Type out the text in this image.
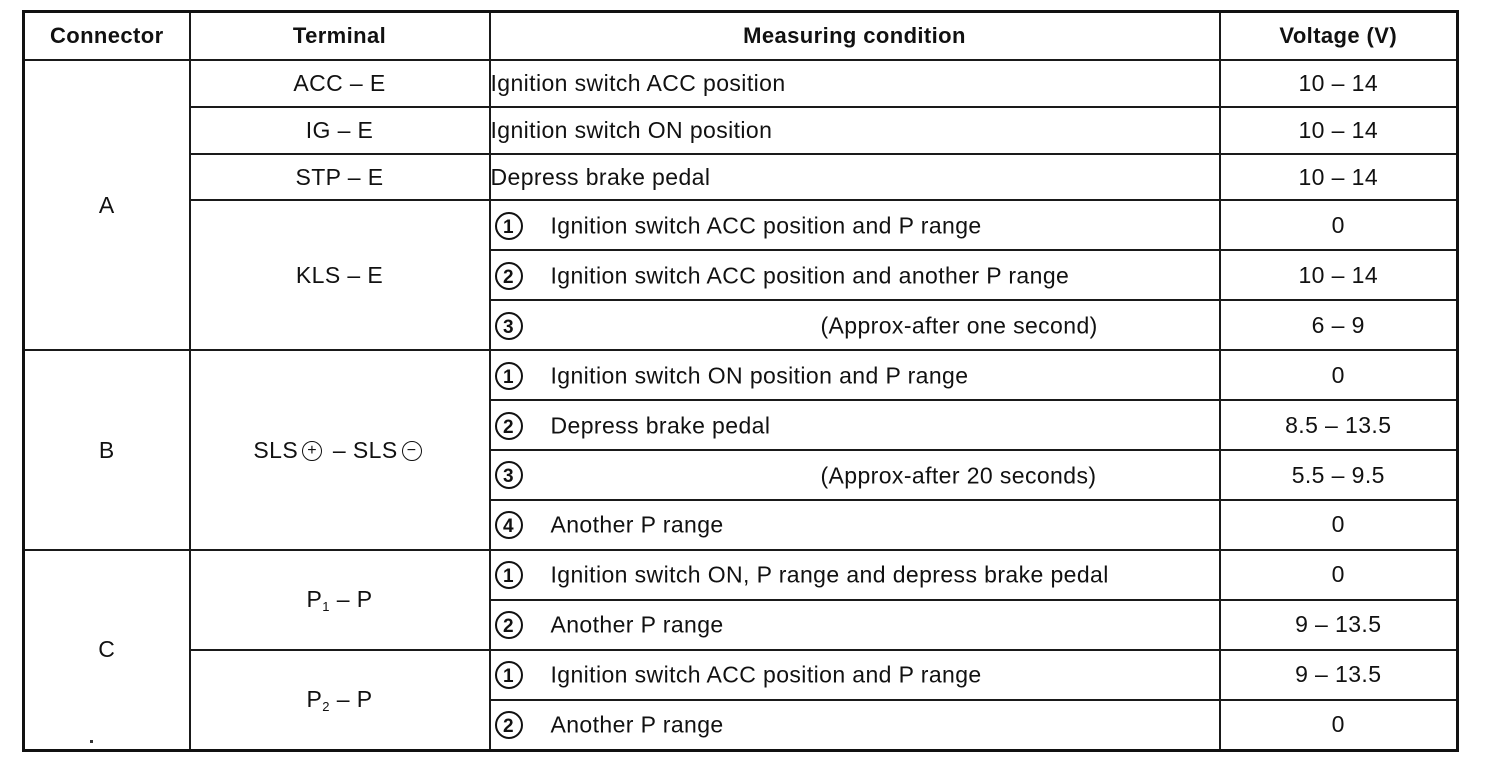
Connector	Terminal	Measuring condition	Voltage (V)
A	ACC – E	Ignition switch ACC position	10 – 14
	IG – E	Ignition switch ON position	10 – 14
	STP – E	Depress brake pedal	10 – 14
	KLS – E	1 Ignition switch ACC position and P range	0
		2 Ignition switch ACC position and another P range	10 – 14
		3 (Approx-after one second)	6 – 9
B	SLS + – SLS −	1 Ignition switch ON position and P range	0
		2 Depress brake pedal	8.5 – 13.5
		3 (Approx-after 20 seconds)	5.5 – 9.5
		4 Another P range	0
C	$P_1$ – P	1 Ignition switch ON, P range and depress brake pedal	0
		2 Another P range	9 – 13.5
	$P_2$ – P	1 Ignition switch ACC position and P range	9 – 13.5
		2 Another P range	0
